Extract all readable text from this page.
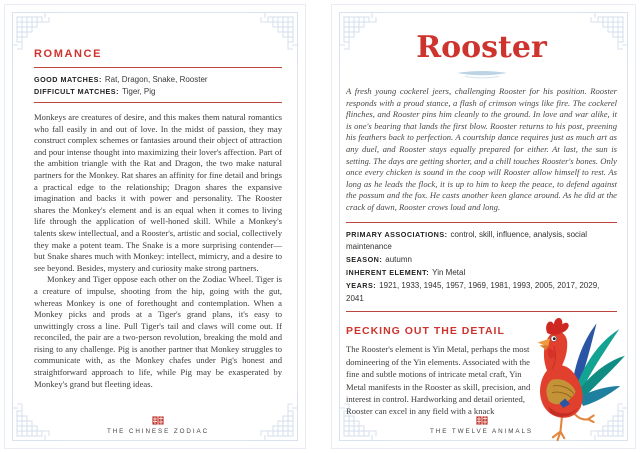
ROMANCE

GOOD MATCHES: Rat, Dragon, Snake, Rooster

DIFFICULT MATCHES: Tiger, Pig

Monkeys are creatures of desire, and this makes them natural romantics who fall easily in and out of love. In the midst of passion, they may construct complex schemes or fantasies around their object of attraction and pour intense thought into maximizing their lover's affection. Part of the ambition triangle with the Rat and Dragon, the two make natural partners for the Monkey. Rat shares an affinity for fine detail and brings a practical edge to the relationship; Dragon shares the expansive imagination and backs it with power and personality. The Rooster shares the Monkey's element and is an equal when it comes to living life through the application of well-honed skill. While a Monkey's talents skew intellectual, and a Rooster's, artistic and social, collectively they make a potent team. The Snake is a more surprising contender—but Snake shares much with Monkey: intellect, mimicry, and a desire to see beyond. Besides, mystery and curiosity make strong partners.

Monkey and Tiger oppose each other on the Zodiac Wheel. Tiger is a creature of impulse, shooting from the hip, going with the gut, whereas Monkey is one of forethought and contemplation. When a Monkey picks and prods at a Tiger's grand plans, it's easy to unwittingly cross a line. Pull Tiger's tail and claws will come out. If reconciled, the pair are a two-person revolution, breaking the mold and rising to any challenge. Pig is another partner that Monkey struggles to communicate with, as the Monkey chafes under Pig's honest and straightforward approach to life, while Pig may be exasperated by Monkey's grand but fleeting ideas.

THE CHINESE ZODIAC
Rooster

A fresh young cockerel jeers, challenging Rooster for his position. Rooster responds with a proud stance, a flash of crimson wings like fire. The cockerel flinches, and Rooster pins him cleanly to the ground. In love and war alike, it is one's bearing that lands the first blow. Rooster returns to his post, preening his feathers back to perfection. A courtship dance requires just as much art as any duel, and Rooster stays equally prepared for either. At last, the sun is setting. The days are getting shorter, and a chill touches Rooster's bones. Only once every chicken is sound in the coop will Rooster allow himself to rest. As long as he leads the flock, it is up to him to keep the peace, to defend against the possum and the fox. He casts another keen glance around. As he did at the crack of dawn, Rooster crows loud and long.

PRIMARY ASSOCIATIONS: control, skill, influence, analysis, social maintenance

SEASON: autumn

INHERENT ELEMENT: Yin Metal

YEARS: 1921, 1933, 1945, 1957, 1969, 1981, 1993, 2005, 2017, 2029, 2041

PECKING OUT THE DETAIL

The Rooster's element is Yin Metal, perhaps the most domineering of the Yin elements. Associated with the fine and subtle motions of intricate metal craft, Yin Metal manifests in the Rooster as skill, precision, and interest in control. Hardworking and detail oriented, Rooster can excel in any field with a knack

THE TWELVE ANIMALS
